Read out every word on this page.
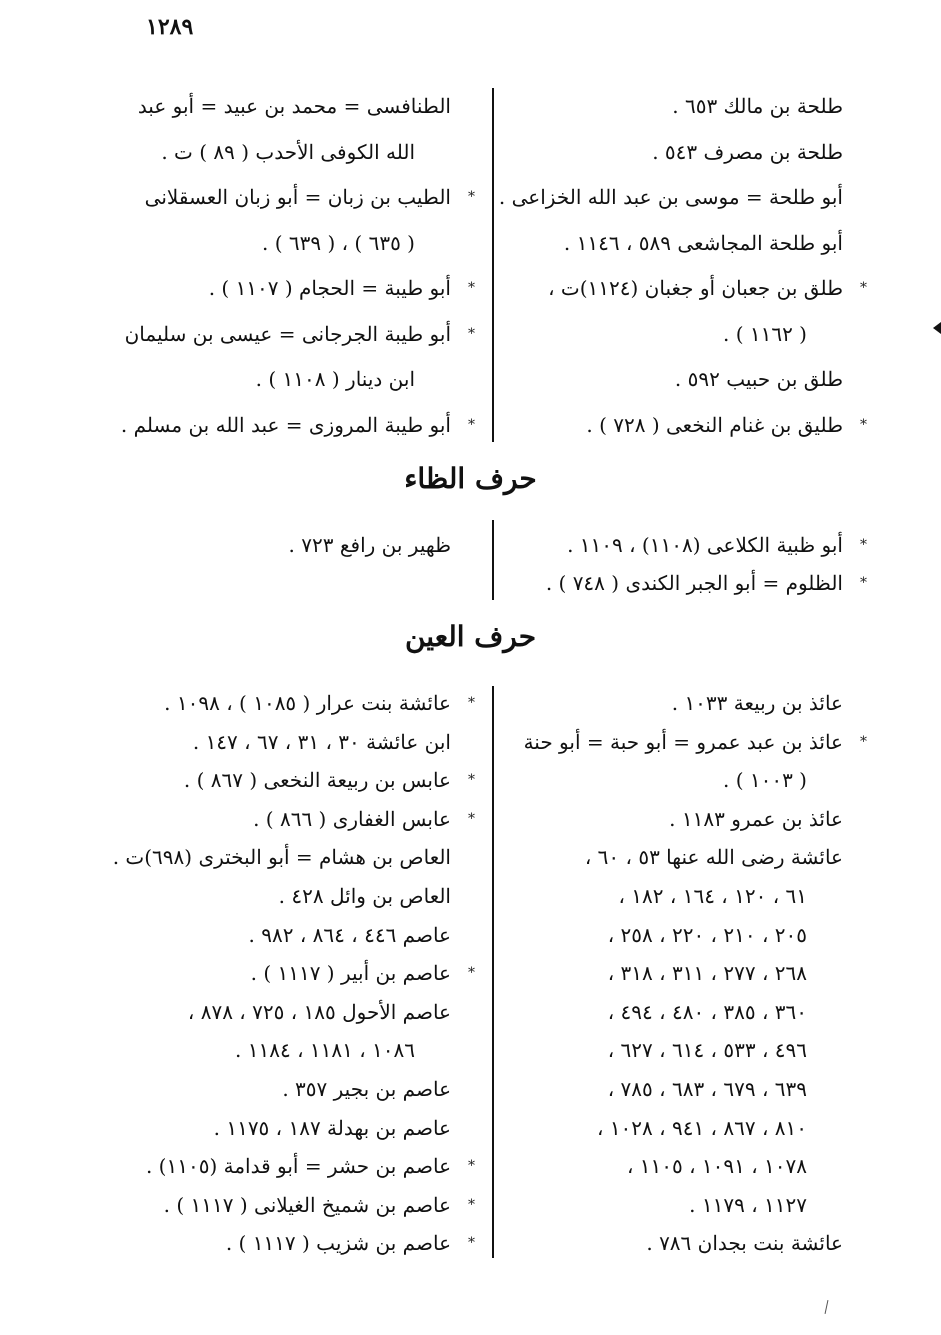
١٢٨٩
طلحة بن مالك ٦٥٣ .
طلحة بن مصرف ٥٤٣ .
أبو طلحة = موسى بن عبد الله الخزاعى .
أبو طلحة المجاشعى ٥٨٩ ، ١١٤٦ .
*
طلق بن جعبان أو جغبان (١١٢٤)ت ،
( ١١٦٢ ) .
طلق بن حبيب ٥٩٢ .
*
طليق بن غنام النخعى ( ٧٢٨ ) .
الطنافسى = محمد بن عبيد = أبو عبد
الله الكوفى الأحدب ( ٨٩ ) ت .
*
الطيب بن زبان = أبو زبان العسقلانى
( ٦٣٥ ) ، ( ٦٣٩ ) .
*
أبو طيبة = الحجام ( ١١٠٧ ) .
*
أبو طيبة الجرجانى = عيسى بن سليمان
ابن دينار ( ١١٠٨ ) .
*
أبو طيبة المروزى = عبد الله بن مسلم .
حرف الظاء
*
أبو ظبية الكلاعى (١١٠٨) ، ١١٠٩ .
*
الظلوم = أبو الجبر الكندى ( ٧٤٨ ) .
ظهير بن رافع ٧٢٣ .
حرف العين
عائذ بن ربيعة ١٠٣٣ .
*
عائذ بن عبد عمرو = أبو حبة = أبو حنة
( ١٠٠٣ ) .
عائذ بن عمرو ١١٨٣ .
عائشة رضى الله عنها ٥٣ ، ٦٠ ،
٦١ ، ١٢٠ ، ١٦٤ ، ١٨٢ ،
٢٠٥ ، ٢١٠ ، ٢٢٠ ، ٢٥٨ ،
٢٦٨ ، ٢٧٧ ، ٣١١ ، ٣١٨ ،
٣٦٠ ، ٣٨٥ ، ٤٨٠ ، ٤٩٤ ،
٤٩٦ ، ٥٣٣ ، ٦١٤ ، ٦٢٧ ،
٦٣٩ ، ٦٧٩ ، ٦٨٣ ، ٧٨٥ ،
٨١٠ ، ٨٦٧ ، ٩٤١ ، ١٠٢٨ ،
١٠٧٨ ، ١٠٩١ ، ١١٠٥ ،
١١٢٧ ، ١١٧٩ .
عائشة بنت بجدان ٧٨٦ .
*
عائشة بنت عرار ( ١٠٨٥ ) ، ١٠٩٨ .
ابن عائشة ٣٠ ، ٣١ ، ٦٧ ، ١٤٧ .
*
عابس بن ربيعة النخعى ( ٨٦٧ ) .
*
عابس الغفارى ( ٨٦٦ ) .
العاص بن هشام = أبو البخترى (٦٩٨)ت .
العاص بن وائل ٤٢٨ .
عاصم ٤٤٦ ، ٨٦٤ ، ٩٨٢ .
*
عاصم بن أبير ( ١١١٧ ) .
عاصم الأحول ١٨٥ ، ٧٢٥ ، ٨٧٨ ،
١٠٨٦ ، ١١٨١ ، ١١٨٤ .
عاصم بن بجير ٣٥٧ .
عاصم بن بهدلة ١٨٧ ، ١١٧٥ .
*
عاصم بن حشر = أبو قدامة (١١٠٥) .
*
عاصم بن شميخ الغيلانى ( ١١١٧ ) .
*
عاصم بن شزيب ( ١١١٧ ) .
